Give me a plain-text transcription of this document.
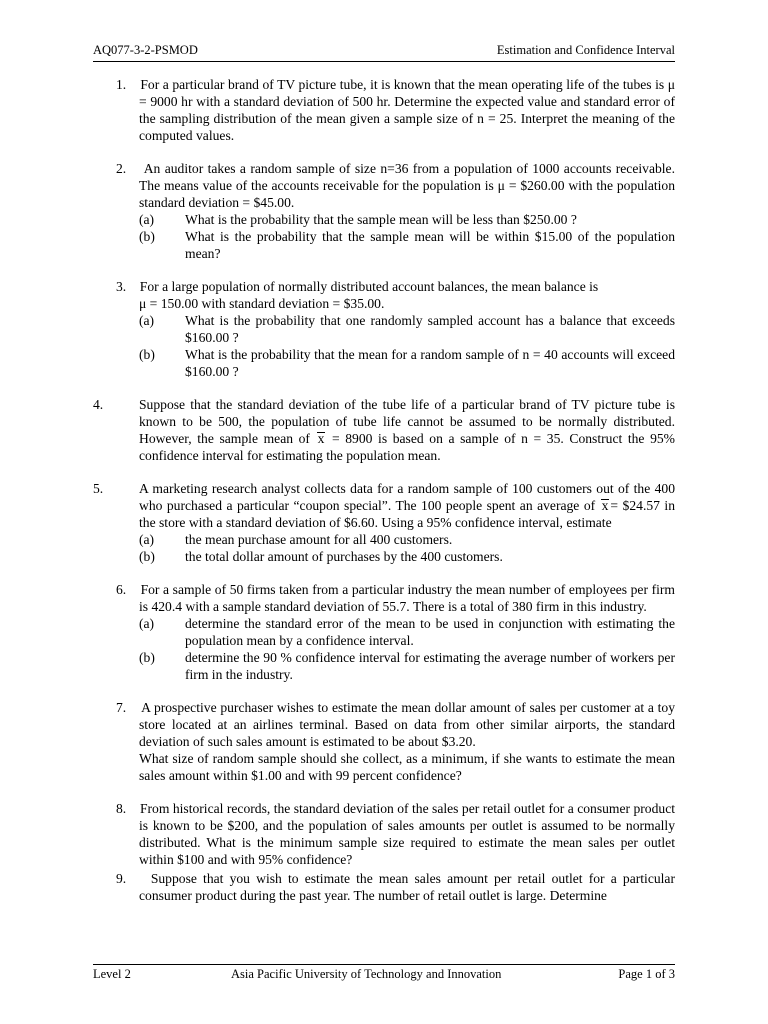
AQ077-3-2-PSMOD	Estimation and Confidence Interval
1. For a particular brand of TV picture tube, it is known that the mean operating life of the tubes is μ = 9000 hr with a standard deviation of 500 hr. Determine the expected value and standard error of the sampling distribution of the mean given a sample size of n = 25. Interpret the meaning of the computed values.
2. An auditor takes a random sample of size n=36 from a population of 1000 accounts receivable. The means value of the accounts receivable for the population is μ = $260.00 with the population standard deviation = $45.00.
(a) What is the probability that the sample mean will be less than $250.00 ?
(b) What is the probability that the sample mean will be within $15.00 of the population mean?
3. For a large population of normally distributed account balances, the mean balance is
μ = 150.00 with standard deviation = $35.00.
(a) What is the probability that one randomly sampled account has a balance that exceeds $160.00 ?
(b) What is the probability that the mean for a random sample of n = 40 accounts will exceed $160.00 ?
4.	Suppose that the standard deviation of the tube life of a particular brand of TV picture tube is known to be 500, the population of tube life cannot be assumed to be normally distributed. However, the sample mean of x = 8900 is based on a sample of n = 35. Construct the 95% confidence interval for estimating the population mean.
5.	A marketing research analyst collects data for a random sample of 100 customers out of the 400 who purchased a particular “coupon special”. The 100 people spent an average of x = $24.57 in the store with a standard deviation of $6.60. Using a 95% confidence interval, estimate
(a) the mean purchase amount for all 400 customers.
(b) the total dollar amount of purchases by the 400 customers.
6. For a sample of 50 firms taken from a particular industry the mean number of employees per firm is 420.4 with a sample standard deviation of 55.7. There is a total of 380 firm in this industry.
(a) determine the standard error of the mean to be used in conjunction with estimating the population mean by a confidence interval.
(b) determine the 90 % confidence interval for estimating the average number of workers per firm in the industry.
7. A prospective purchaser wishes to estimate the mean dollar amount of sales per customer at a toy store located at an airlines terminal. Based on data from other similar airports, the standard deviation of such sales amount is estimated to be about $3.20.
What size of random sample should she collect, as a minimum, if she wants to estimate the mean sales amount within $1.00 and with 99 percent confidence?
8. From historical records, the standard deviation of the sales per retail outlet for a consumer product is known to be $200, and the population of sales amounts per outlet is assumed to be normally distributed. What is the minimum sample size required to estimate the mean sales per outlet within $100 and with 95% confidence?
9. Suppose that you wish to estimate the mean sales amount per retail outlet for a particular consumer product during the past year. The number of retail outlet is large. Determine
Level 2	Asia Pacific University of Technology and Innovation	Page 1 of 3
